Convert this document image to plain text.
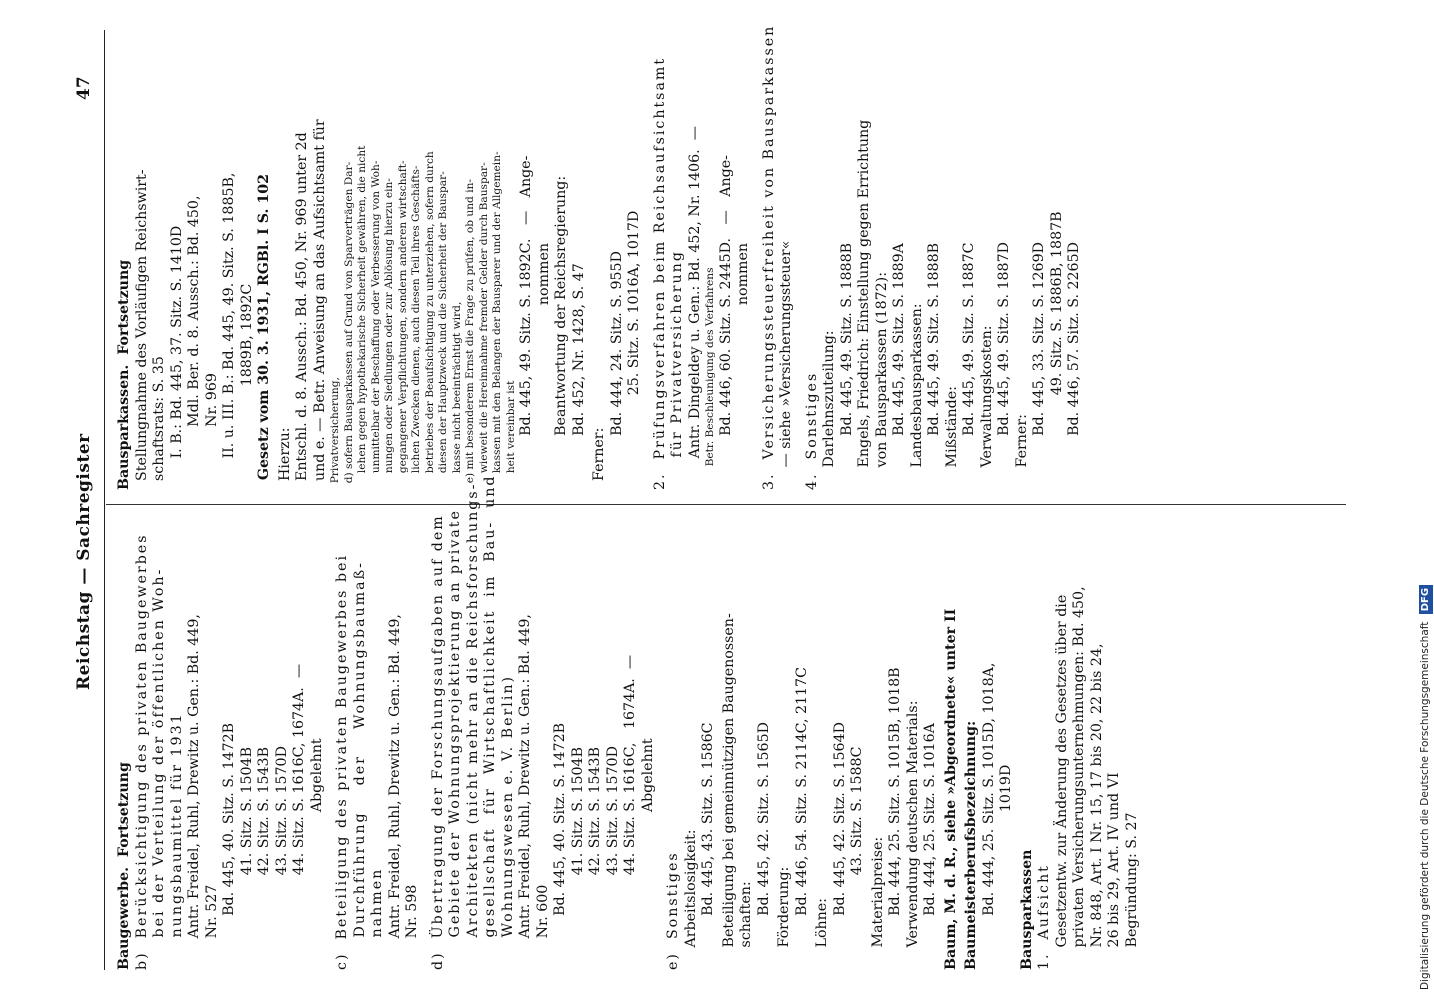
Reichstag — Sachregister
47
Baugewerbe.  Fortsetzung b)  Berücksichtigung des privaten Baugewerbes bei der Verteilung der öffentlichen Woh- nungsbaumittel für 1931 Antr. Freidel, Ruhl, Drewitz u. Gen.: Bd. 449, Nr. 527 Bd. 445, 40. Sitz. S. 1472B 41. Sitz. S. 1504B 42. Sitz. S. 1543B 43. Sitz. S. 1570D 44. Sitz. S. 1616C, 1674A.  — Abgelehnt c)  Beteiligung des privaten Baugewerbes bei Durchführung    der    Wohnungsbaumaß- nahmen Antr. Freidel, Ruhl, Drewitz u. Gen.: Bd. 449, Nr. 598 d)  Übertragung der Forschungsaufgaben auf dem Gebiete der Wohnungsprojektierung an private Architekten (nicht mehr an die Reichsforschungs- gesellschaft  für  Wirtschaftlichkeit  im  Bau-  und Wohnungswesen e. V. Berlin) Antr. Freidel, Ruhl, Drewitz u. Gen.: Bd. 449, Nr. 600 Bd. 445, 40. Sitz. S. 1472B 41. Sitz. S. 1504B 42. Sitz. S. 1543B 43. Sitz. S. 1570D 44. Sitz. S. 1616C,   1674A.  — Abgelehnt e)  Sonstiges Arbeitslosigkeit: Bd. 445, 43. Sitz. S. 1586C Beteiligung bei gemeinnützigen Baugenossen- schaften: Bd. 445, 42. Sitz. S. 1565D Förderung: Bd. 446, 54. Sitz. S. 2114C, 2117C Löhne: Bd. 445, 42. Sitz. S. 1564D 43. Sitz. S. 1588C Materialpreise: Bd. 444, 25. Sitz. S. 1015B, 1018B Verwendung deutschen Materials: Bd. 444, 25. Sitz. S. 1016A Baum, M. d. R., siehe »Abgeordnete« unter II Baumeisterberufsbezeichnung: Bd. 444, 25. Sitz. S. 1015D, 1018A, 1019D Bausparkassen 1.  Aufsicht Gesetzentw. zur Änderung des Gesetzes über die privaten Versicherungsunternehmungen: Bd. 450, Nr. 848, Art. I Nr. 15, 17 bis 20, 22 bis 24, 26 bis 29, Art. IV und VI Begründung: S. 27
Bausparkassen.  Fortsetzung Stellungnahme des Vorläufigen Reichswirt- schaftsrats: S. 35 I. B.: Bd. 445, 37. Sitz. S. 1410D Mdl. Ber. d. 8. Aussch.: Bd. 450, Nr. 969 II. u. III. B.: Bd. 445, 49. Sitz. S. 1885B, 1889B, 1892C Gesetz vom 30. 3. 1931, RGBl. I S. 102 Hierzu: Entschl. d. 8. Aussch.: Bd. 450, Nr. 969 unter 2d und e. — Betr. Anweisung an das Aufsichtsamt für Privatversicherung, d) sofern Bausparkassen auf Grund von Sparverträgen Dar- lehen gegen hypothekarische Sicherheit gewähren, die nicht unmittelbar der Beschaffung oder Verbesserung von Woh- nungen oder Siedlungen oder zur Ablösung hierzu ein- gegangener Verpflichtungen, sondern anderen wirtschaft- lichen Zwecken dienen, auch diesen Teil ihres Geschäfts- betriebes der Beaufsichtigung zu unterziehen, sofern durch diesen der Hauptzweck und die Sicherheit der Bauspar- kasse nicht beeinträchtigt wird, e) mit besonderem Ernst die Frage zu prüfen, ob und in- wieweit die Hereinnahme fremder Gelder durch Bauspar- kassen mit den Belangen der Bausparer und der Allgemein- heit vereinbar ist Bd. 445, 49. Sitz. S. 1892C.   —   Ange- nommen Beantwortung der Reichsregierung: Bd. 452, Nr. 1428, S. 47 Ferner: Bd. 444, 24. Sitz. S. 955D 25. Sitz. S. 1016A, 1017D 2.  Prüfungsverfahren beim Reichsaufsichtsamt für Privatversicherung Antr. Dingeldey u. Gen.: Bd. 452, Nr. 1406.  — Betr. Beschleunigung des Verfahrens Bd. 446, 60. Sitz. S. 2445D.   —   Ange- nommen 3.  Versicherungssteuerfreiheit von Bausparkassen — siehe »Versicherungssteuer« 4.  Sonstiges Darlehnszuteilung: Bd. 445, 49. Sitz. S. 1888B Engels, Friedrich: Einstellung gegen Errichtung von Bausparkassen (1872): Bd. 445, 49. Sitz. S. 1889A Landesbausparkassen: Bd. 445, 49. Sitz. S. 1888B Mißstände: Bd. 445, 49. Sitz. S. 1887C Verwaltungskosten: Bd. 445, 49. Sitz. S. 1887D Ferner: Bd. 445, 33. Sitz. S. 1269D 49. Sitz. S. 1886B, 1887B Bd. 446, 57. Sitz. S. 2265D
Digitalisierung gefördert durch die Deutsche Forschungsgemeinschaft DFG
